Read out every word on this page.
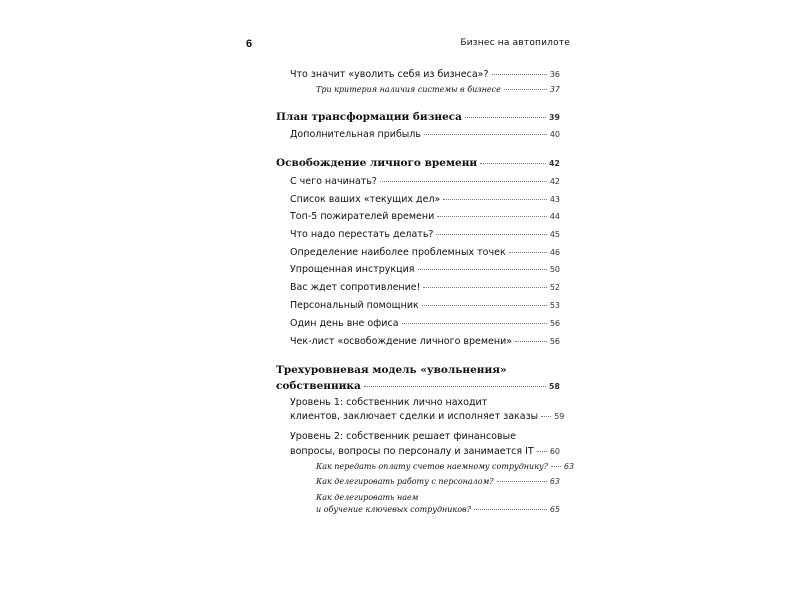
6	Бизнес на автопилоте
Что значит «уволить себя из бизнеса»?	36
Три критерия наличия системы в бизнесе	37
План трансформации бизнеса	39
Дополнительная прибыль	40
Освобождение личного времени	42
С чего начинать?	42
Список ваших «текущих дел»	43
Топ-5 пожирателей времени	44
Что надо перестать делать?	45
Определение наиболее проблемных точек	46
Упрощенная инструкция	50
Вас ждет сопротивление!	52
Персональный помощник	53
Один день вне офиса	56
Чек-лист «освобождение личного времени»	56
Трехуровневая модель «увольнения»
собственника	58
Уровень 1: собственник лично находит
клиентов, заключает сделки и исполняет заказы 59
Уровень 2: собственник решает финансовые
вопросы, вопросы по персоналу и занимается IT 60
Как передать оплату счетов наемному сотруднику? 63
Как делегировать работу с персоналом?	63
Как делегировать наем
и обучение ключевых сотрудников?	65
